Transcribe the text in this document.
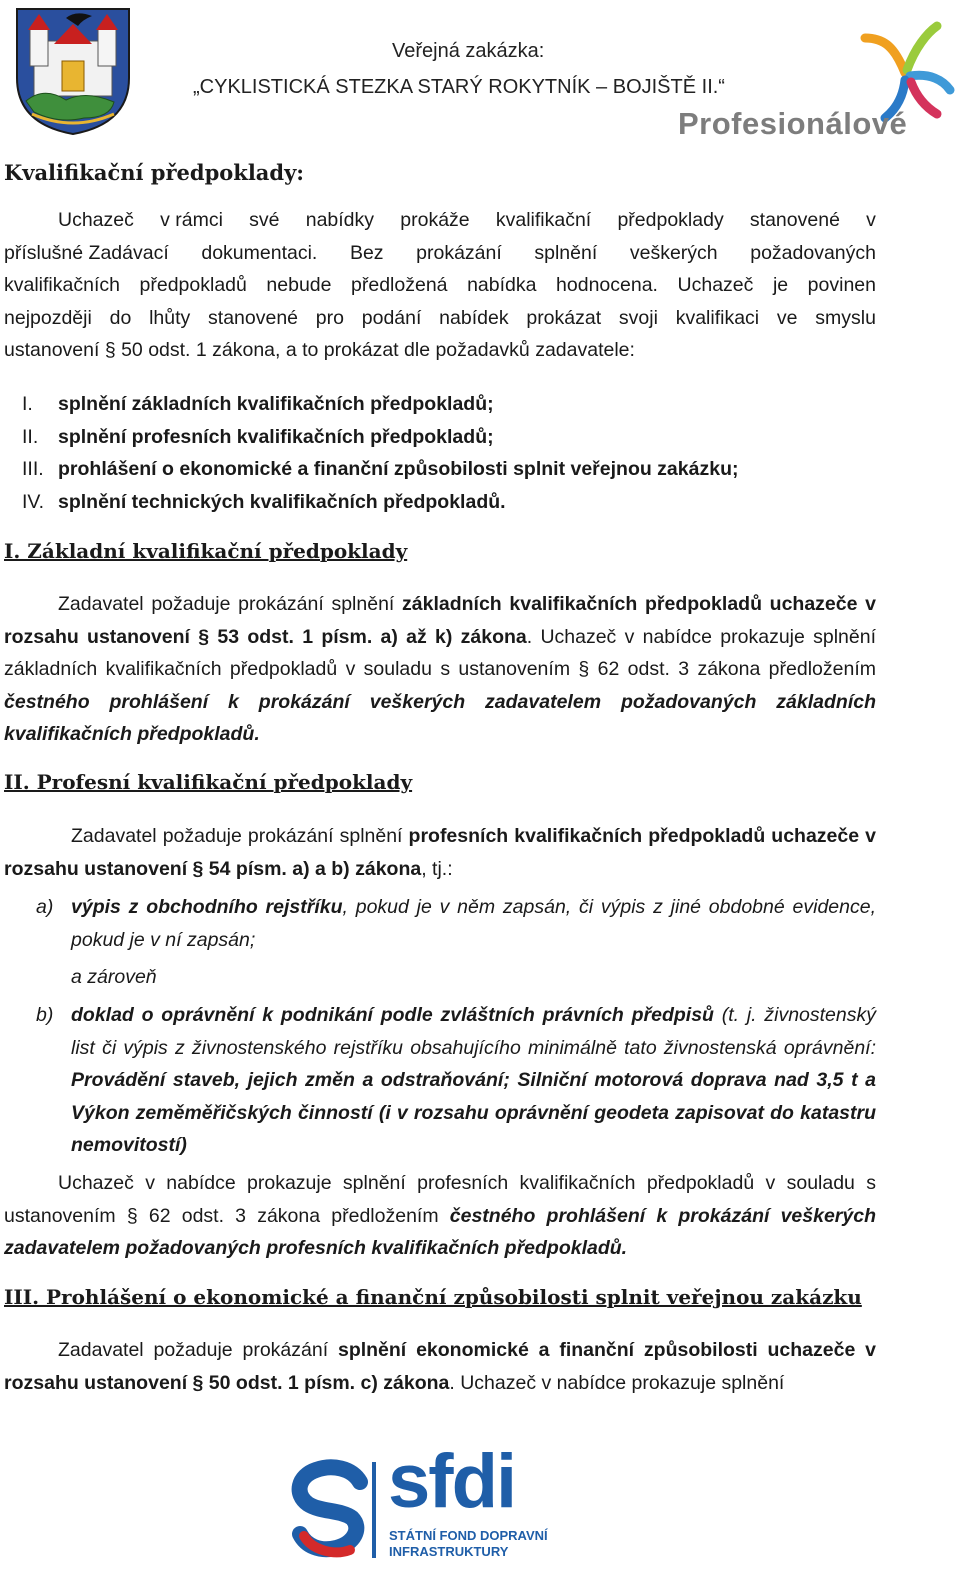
Veřejná zakázka:
„CYKLISTICKÁ STEZKA STARÝ ROKYTNÍK – BOJIŠTĚ II.“
Profesionálové
Kvalifikační předpoklady:
Uchazeč v rámci své nabídky prokáže kvalifikační předpoklady stanovené v
příslušné Zadávací dokumentaci. Bez prokázání splnění veškerých požadovaných
kvalifikačních předpokladů nebude předložená nabídka hodnocena. Uchazeč je povinen
nejpozději do lhůty stanovené pro podání nabídek prokázat svoji kvalifikaci ve smyslu
ustanovení § 50 odst. 1 zákona, a to prokázat dle požadavků zadavatele:
I.	splnění základních kvalifikačních předpokladů;
II.	splnění profesních kvalifikačních předpokladů;
III. prohlášení o ekonomické a finanční způsobilosti splnit veřejnou zakázku;
IV. splnění technických kvalifikačních předpokladů.
I. Základní kvalifikační předpoklady
Zadavatel požaduje prokázání splnění základních kvalifikačních předpokladů uchazeče v rozsahu ustanovení § 53 odst. 1 písm. a) až k) zákona. Uchazeč v nabídce prokazuje splnění základních kvalifikačních předpokladů v souladu s ustanovením § 62 odst. 3 zákona předložením čestného prohlášení k prokázání veškerých zadavatelem požadovaných základních kvalifikačních předpokladů.
II. Profesní kvalifikační předpoklady
Zadavatel požaduje prokázání splnění profesních kvalifikačních předpokladů uchazeče v rozsahu ustanovení § 54 písm. a) a b) zákona, tj.:
a) výpis z obchodního rejstříku, pokud je v něm zapsán, či výpis z jiné obdobné evidence, pokud je v ní zapsán;
a zároveň
b) doklad o oprávnění k podnikání podle zvláštních právních předpisů (t. j. živnostenský list či výpis z živnostenského rejstříku obsahujícího minimálně tato živnostenská oprávnění: Provádění staveb, jejich změn a odstraňování; Silniční motorová doprava nad 3,5 t a Výkon zeměměřičských činností (i v rozsahu oprávnění geodeta zapisovat do katastru nemovitostí)
Uchazeč v nabídce prokazuje splnění profesních kvalifikačních předpokladů v souladu s ustanovením § 62 odst. 3 zákona předložením čestného prohlášení k prokázání veškerých zadavatelem požadovaných profesních kvalifikačních předpokladů.
III. Prohlášení o ekonomické a finanční způsobilosti splnit veřejnou zakázku
Zadavatel požaduje prokázání splnění ekonomické a finanční způsobilosti uchazeče v rozsahu ustanovení § 50 odst. 1 písm. c) zákona. Uchazeč v nabídce prokazuje splnění
sfdi
STÁTNÍ FOND DOPRAVNÍ
INFRASTRUKTURY
